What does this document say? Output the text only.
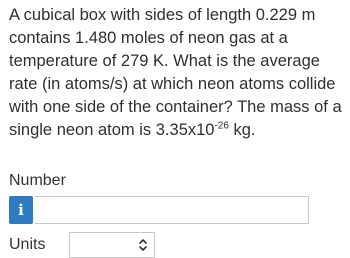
A cubical box with sides of length 0.229 m contains 1.480 moles of neon gas at a temperature of 279 K. What is the average rate (in atoms/s) at which neon atoms collide with one side of the container? The mass of a single neon atom is $3.35x10^{-26}$ kg.

Number
i
Units
